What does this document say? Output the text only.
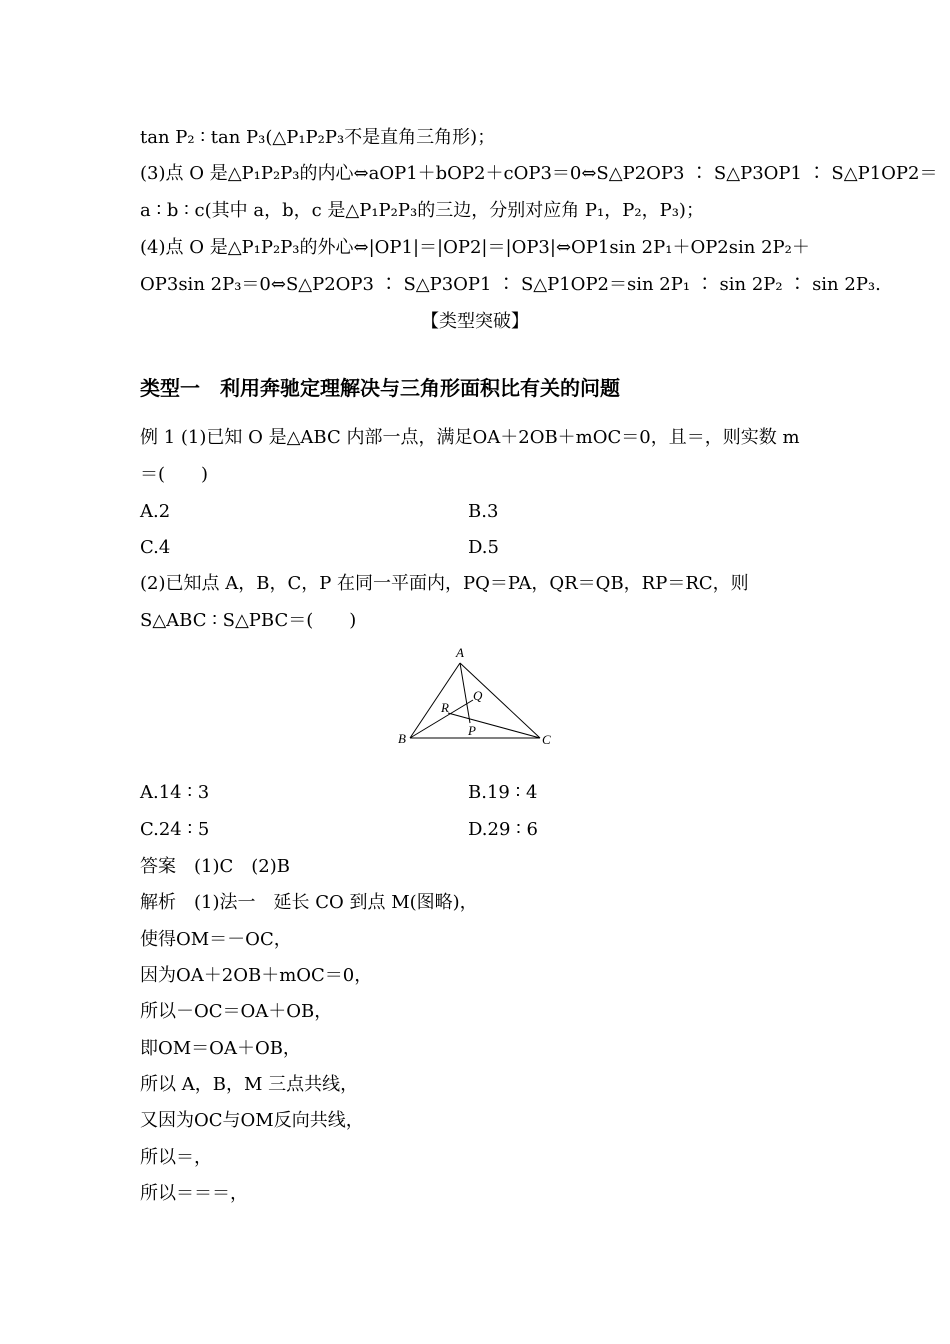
tan P₂ ∶ tan P₃(△P₁P₂P₃不是直角三角形)；
(3)点 O 是△P₁P₂P₃的内心⇔aOP1＋bOP2＋cOP3＝0⇔S△P2OP3 ∶ S△P3OP1 ∶ S△P1OP2＝
a ∶ b ∶ c(其中 a，b，c 是△P₁P₂P₃的三边，分别对应角 P₁，P₂，P₃)；
(4)点 O 是△P₁P₂P₃的外心⇔|OP1|＝|OP2|＝|OP3|⇔OP1sin 2P₁＋OP2sin 2P₂＋
OP3sin 2P₃＝0⇔S△P2OP3 ∶ S△P3OP1 ∶ S△P1OP2＝sin 2P₁ ∶ sin 2P₂ ∶ sin 2P₃.
【类型突破】
类型一　利用奔驰定理解决与三角形面积比有关的问题
例 1 (1)已知 O 是△ABC 内部一点，满足OA＋2OB＋mOC＝0，且＝，则实数 m
＝(　　)
A.2	B.3
C.4	D.5
(2)已知点 A，B，C，P 在同一平面内，PQ＝PA，QR＝QB，RP＝RC，则
S△ABC ∶ S△PBC＝(　　)
A
B	C
P
Q
R
A.14 ∶ 3	B.19 ∶ 4
C.24 ∶ 5	D.29 ∶ 6
答案　(1)C　(2)B
解析　(1)法一　延长 CO 到点 M(图略)，
使得OM＝－OC，
因为OA＋2OB＋mOC＝0，
所以－OC＝OA＋OB，
即OM＝OA＋OB，
所以 A，B，M 三点共线，
又因为OC与OM反向共线，
所以＝，
所以＝＝＝，
